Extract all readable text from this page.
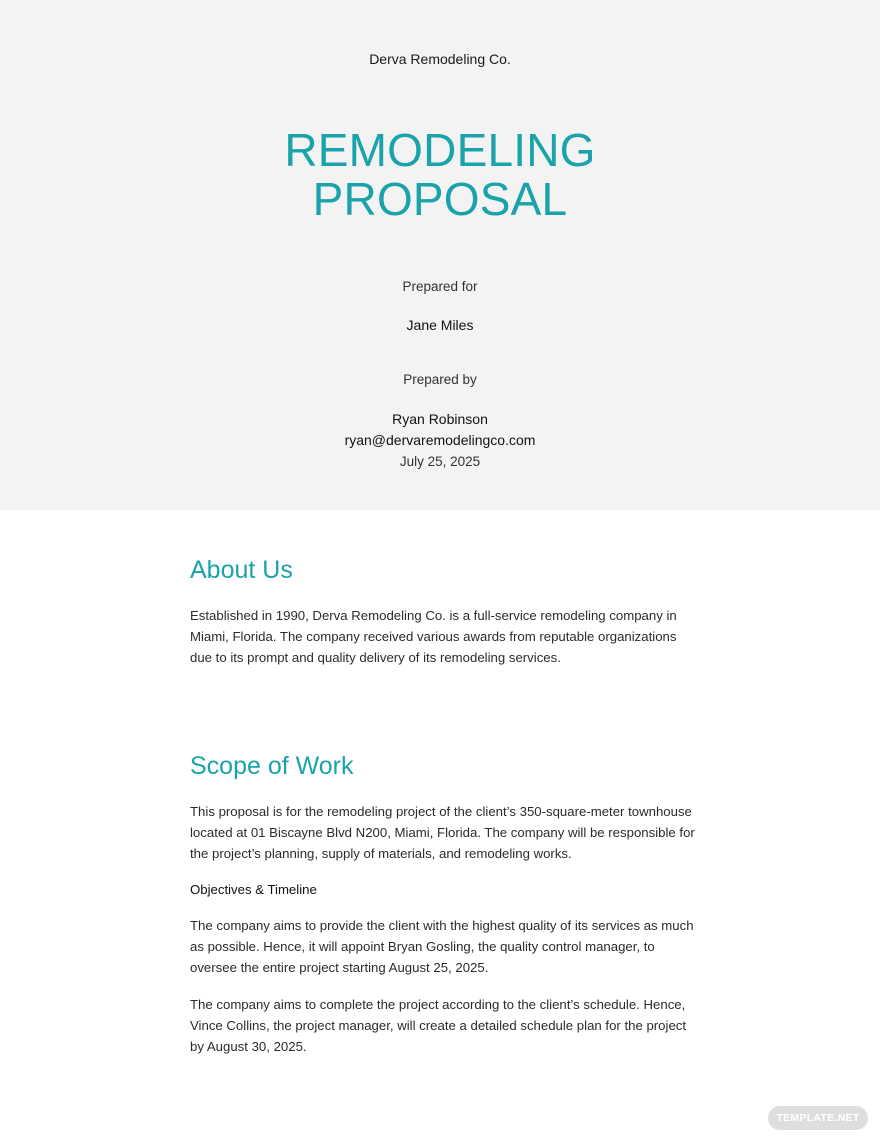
Derva Remodeling Co.
REMODELING
PROPOSAL
Prepared for
Jane Miles
Prepared by
Ryan Robinson
ryan@dervaremodelingco.com
July 25, 2025
About Us

Established in 1990, Derva Remodeling Co. is a full-service remodeling company in Miami, Florida. The company received various awards from reputable organizations due to its prompt and quality delivery of its remodeling services.

Scope of Work

This proposal is for the remodeling project of the client’s 350-square-meter townhouse located at 01 Biscayne Blvd N200, Miami, Florida. The company will be responsible for the project’s planning, supply of materials, and remodeling works.

Objectives & Timeline

The company aims to provide the client with the highest quality of its services as much as possible. Hence, it will appoint Bryan Gosling, the quality control manager, to oversee the entire project starting August 25, 2025.

The company aims to complete the project according to the client’s schedule. Hence, Vince Collins, the project manager, will create a detailed schedule plan for the project by August 30, 2025.

TEMPLATE.NET
